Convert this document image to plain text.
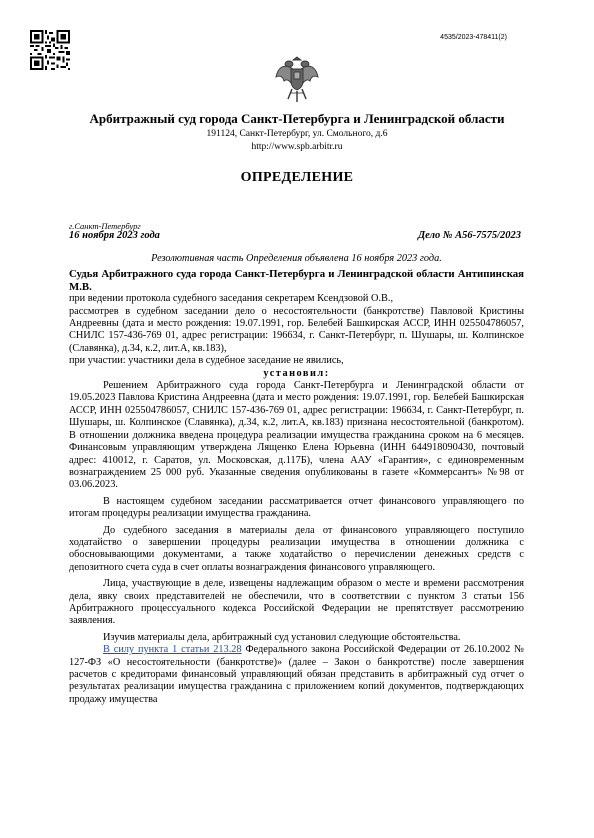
4535/2023-478411(2)
Арбитражный суд города Санкт-Петербурга и Ленинградской области
191124, Санкт-Петербург, ул. Смольного, д.6
http://www.spb.arbitr.ru
ОПРЕДЕЛЕНИЕ
г.Санкт-Петербург
16 ноября 2023 года	Дело № А56-7575/2023

Резолютивная часть Определения объявлена 16 ноября 2023 года.

Судья Арбитражного суда города Санкт-Петербурга и Ленинградской области Антипинская М.В.

при ведении протокола судебного заседания секретарем Ксендзовой О.В.,

рассмотрев в судебном заседании дело о несостоятельности (банкротстве) Павловой Кристины Андреевны (дата и место рождения: 19.07.1991, гор. Белебей Башкирская АССР, ИНН 025504786057, СНИЛС 157-436-769 01, адрес регистрации: 196634, г. Санкт-Петербург, п. Шушары, ш. Колпинское (Славянка), д.34, к.2, лит.А, кв.183),

при участии: участники дела в судебное заседание не явились,

установил:

Решением Арбитражного суда города Санкт-Петербурга и Ленинградской области от 19.05.2023 Павлова Кристина Андреевна (дата и место рождения: 19.07.1991, гор. Белебей Башкирская АССР, ИНН 025504786057, СНИЛС 157-436-769 01, адрес регистрации: 196634, г. Санкт-Петербург, п. Шушары, ш. Колпинское (Славянка), д.34, к.2, лит.А, кв.183) признана несостоятельной (банкротом). В отношении должника введена процедура реализации имущества гражданина сроком на 6 месяцев. Финансовым управляющим утверждена Лященко Елена Юрьевна (ИНН 644918090430, почтовый адрес: 410012, г. Саратов, ул. Московская, д.117Б), члена ААУ «Гарантия», с единовременным вознаграждением 25 000 руб. Указанные сведения опубликованы в газете «Коммерсантъ» №98 от 03.06.2023.

В настоящем судебном заседании рассматривается отчет финансового управляющего по итогам процедуры реализации имущества гражданина.

До судебного заседания в материалы дела от финансового управляющего поступило ходатайство о завершении процедуры реализации имущества в отношении должника с обосновывающими документами, а также ходатайство о перечислении денежных средств с депозитного счета суда в счет оплаты вознаграждения финансового управляющего.

Лица, участвующие в деле, извещены надлежащим образом о месте и времени рассмотрения дела, явку своих представителей не обеспечили, что в соответствии с пунктом 3 статьи 156 Арбитражного процессуального кодекса Российской Федерации не препятствует рассмотрению заявления.

Изучив материалы дела, арбитражный суд установил следующие обстоятельства.

В силу пункта 1 статьи 213.28 Федерального закона Российской Федерации от 26.10.2002 № 127-ФЗ «О несостоятельности (банкротстве)» (далее – Закон о банкротстве) после завершения расчетов с кредиторами финансовый управляющий обязан представить в арбитражный суд отчет о результатах реализации имущества гражданина с приложением копий документов, подтверждающих продажу имущества
